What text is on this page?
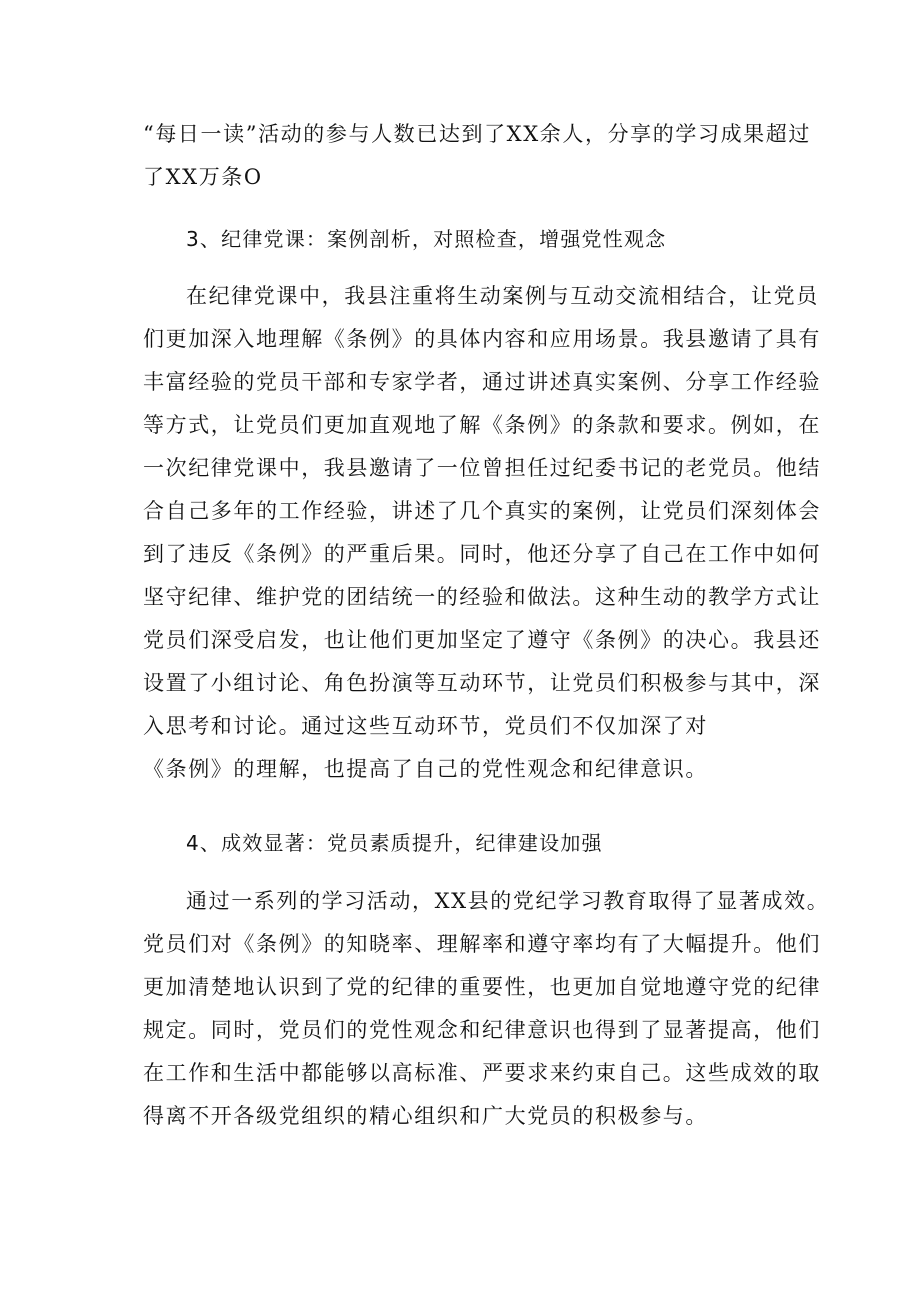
“每日一读”活动的参与人数已达到了XX余人，分享的学习成果超过
了XX万条O
3、纪律党课：案例剖析，对照检查，增强党性观念
在纪律党课中，我县注重将生动案例与互动交流相结合，让党员
们更加深入地理解《条例》的具体内容和应用场景。我县邀请了具有
丰富经验的党员干部和专家学者，通过讲述真实案例、分享工作经验
等方式，让党员们更加直观地了解《条例》的条款和要求。例如，在
一次纪律党课中，我县邀请了一位曾担任过纪委书记的老党员。他结
合自己多年的工作经验，讲述了几个真实的案例，让党员们深刻体会
到了违反《条例》的严重后果。同时，他还分享了自己在工作中如何
坚守纪律、维护党的团结统一的经验和做法。这种生动的教学方式让
党员们深受启发，也让他们更加坚定了遵守《条例》的决心。我县还
设置了小组讨论、角色扮演等互动环节，让党员们积极参与其中，深
入思考和讨论。通过这些互动环节，党员们不仅加深了对
《条例》的理解，也提高了自己的党性观念和纪律意识。
4、成效显著：党员素质提升，纪律建设加强
通过一系列的学习活动，XX县的党纪学习教育取得了显著成效。
党员们对《条例》的知晓率、理解率和遵守率均有了大幅提升。他们
更加清楚地认识到了党的纪律的重要性，也更加自觉地遵守党的纪律
规定。同时，党员们的党性观念和纪律意识也得到了显著提高，他们
在工作和生活中都能够以高标准、严要求来约束自己。这些成效的取
得离不开各级党组织的精心组织和广大党员的积极参与。
